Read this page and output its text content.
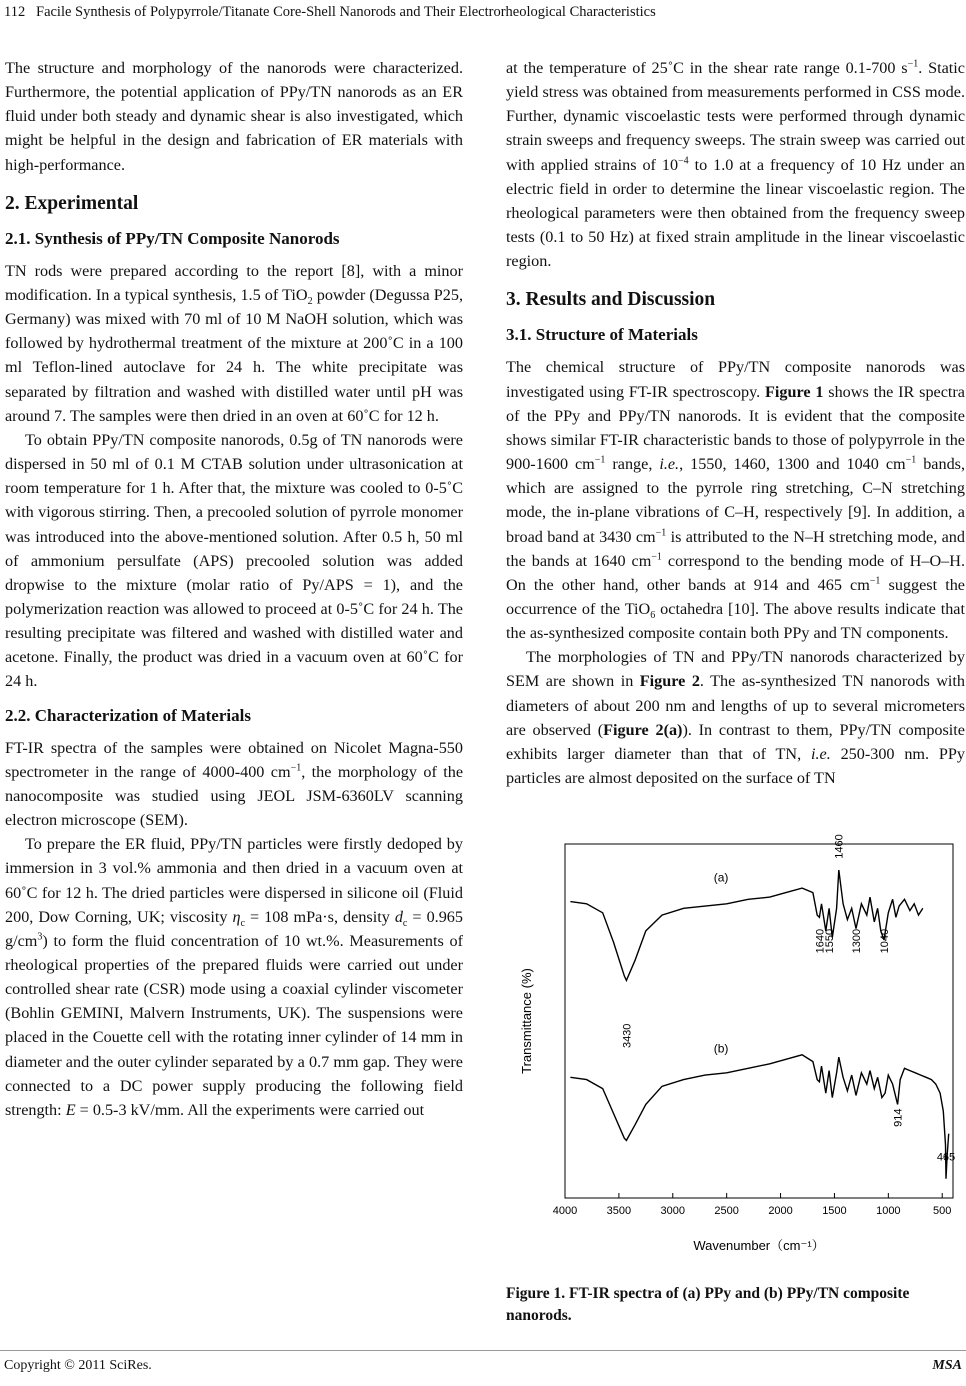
112 Facile Synthesis of Polypyrrole/Titanate Core-Shell Nanorods and Their Electrorheological Characteristics

The structure and morphology of the nanorods were characterized. Furthermore, the potential application of PPy/TN nanorods as an ER fluid under both steady and dynamic shear is also investigated, which might be helpful in the design and fabrication of ER materials with high-performance.

2. Experimental
2.1. Synthesis of PPy/TN Composite Nanorods

TN rods were prepared according to the report [8], with a minor modification. In a typical synthesis, 1.5 of TiO$_2$ powder (Degussa P25, Germany) was mixed with 70 ml of 10 M NaOH solution, which was followed by hydrothermal treatment of the mixture at 200˚C in a 100 ml Teflon-lined autoclave for 24 h. The white precipitate was separated by filtration and washed with distilled water until pH was around 7. The samples were then dried in an oven at 60˚C for 12 h.

To obtain PPy/TN composite nanorods, 0.5g of TN nanorods were dispersed in 50 ml of 0.1 M CTAB solution under ultrasonication at room temperature for 1 h. After that, the mixture was cooled to 0-5˚C with vigorous stirring. Then, a precooled solution of pyrrole monomer was introduced into the above-mentioned solution. After 0.5 h, 50 ml of ammonium persulfate (APS) precooled solution was added dropwise to the mixture (molar ratio of Py/APS = 1), and the polymerization reaction was allowed to proceed at 0-5˚C for 24 h. The resulting precipitate was filtered and washed with distilled water and acetone. Finally, the product was dried in a vacuum oven at 60˚C for 24 h.

2.2. Characterization of Materials

FT-IR spectra of the samples were obtained on Nicolet Magna-550 spectrometer in the range of 4000-400 $cm^{-1}$, the morphology of the nanocomposite was studied using JEOL JSM-6360LV scanning electron microscope (SEM).

To prepare the ER fluid, PPy/TN particles were firstly dedoped by immersion in 3 vol.% ammonia and then dried in a vacuum oven at 60˚C for 12 h. The dried particles were dispersed in silicone oil (Fluid 200, Dow Corning, UK; viscosity $\eta_c = 108$ mPa·s, density $d_c = 0.965$ $g/cm^3$) to form the fluid concentration of 10 wt.%. Measurements of rheological properties of the prepared fluids were carried out under controlled shear rate (CSR) mode using a coaxial cylinder viscometer (Bohlin GEMINI, Malvern Instruments, UK). The suspensions were placed in the Couette cell with the rotating inner cylinder of 14 mm in diameter and the outer cylinder separated by a 0.7 mm gap. They were connected to a DC power supply producing the following field strength: E = 0.5-3 kV/mm. All the experiments were carried out

at the temperature of 25˚C in the shear rate range 0.1-700 $s^{-1}$. Static yield stress was obtained from measurements performed in CSS mode. Further, dynamic viscoelastic tests were performed through dynamic strain sweeps and frequency sweeps. The strain sweep was carried out with applied strains of $10^{-4}$ to 1.0 at a frequency of 10 Hz under an electric field in order to determine the linear viscoelastic region. The rheological parameters were then obtained from the frequency sweep tests (0.1 to 50 Hz) at fixed strain amplitude in the linear viscoelastic region.

3. Results and Discussion
3.1. Structure of Materials

The chemical structure of PPy/TN composite nanorods was investigated using FT-IR spectroscopy. Figure 1 shows the IR spectra of the PPy and PPy/TN nanorods. It is evident that the composite shows similar FT-IR characteristic bands to those of polypyrrole in the 900-1600 $cm^{-1}$ range, i.e., 1550, 1460, 1300 and 1040 $cm^{-1}$ bands, which are assigned to the pyrrole ring stretching, C–N stretching mode, the in-plane vibrations of C–H, respectively [9]. In addition, a broad band at 3430 $cm^{-1}$ is attributed to the N–H stretching mode, and the bands at 1640 $cm^{-1}$ correspond to the bending mode of H–O–H. On the other hand, other bands at 914 and 465 $cm^{-1}$ suggest the occurrence of the TiO$_6$ octahedra [10]. The above results indicate that the as-synthesized composite contain both PPy and TN components.

The morphologies of TN and PPy/TN nanorods characterized by SEM are shown in Figure 2. The as-synthesized TN nanorods with diameters of about 200 nm and lengths of up to several micrometers are observed (Figure 2(a)). In contrast to them, PPy/TN composite exhibits larger diameter than that of TN, i.e. 250-300 nm. PPy particles are almost deposited on the surface of TN

4000	3500	3000	2500	2000	1500	1000	500
Wavenumber（cm⁻¹）
Transmittance (%)
(a)
(b)
3430
1640
1550
1460
1300 1040
914
465
Figure 1. FT-IR spectra of (a) PPy and (b) PPy/TN composite nanorods.
Copyright © 2011 SciRes.	MSA
